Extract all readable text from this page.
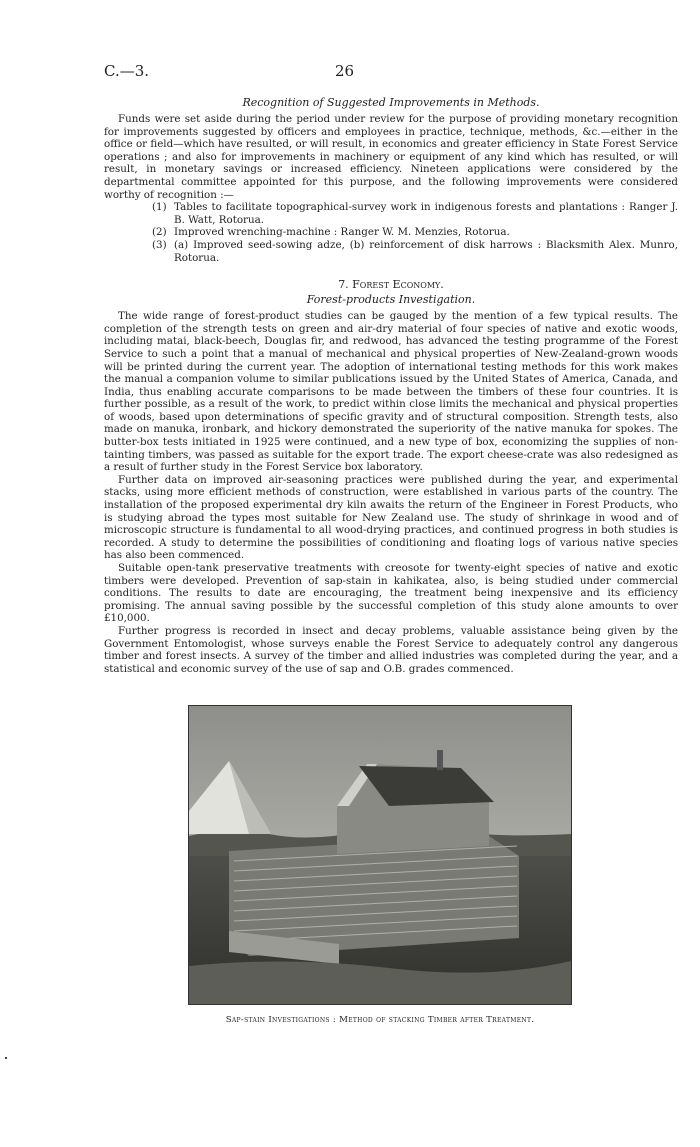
C.—3.	26
Recognition of Suggested Improvements in Methods.

Funds were set aside during the period under review for the purpose of providing monetary recognition for improvements suggested by officers and employees in practice, technique, methods, &c.—either in the office or field—which have resulted, or will result, in economics and greater efficiency in State Forest Service operations ; and also for improvements in machinery or equipment of any kind which has resulted, or will result, in monetary savings or increased efficiency. Nineteen applications were considered by the departmental committee appointed for this purpose, and the following improvements were considered worthy of recognition :—

(1) Tables to facilitate topographical-survey work in indigenous forests and plantations : Ranger J. B. Watt, Rotorua.
(2) Improved wrenching-machine : Ranger W. M. Menzies, Rotorua.
(3) (a) Improved seed-sowing adze, (b) reinforcement of disk harrows : Blacksmith Alex. Munro, Rotorua.
7. Forest Economy.
Forest-products Investigation.

The wide range of forest-product studies can be gauged by the mention of a few typical results. The completion of the strength tests on green and air-dry material of four species of native and exotic woods, including matai, black-beech, Douglas fir, and redwood, has advanced the testing programme of the Forest Service to such a point that a manual of mechanical and physical properties of New-Zealand-grown woods will be printed during the current year. The adoption of international testing methods for this work makes the manual a companion volume to similar publications issued by the United States of America, Canada, and India, thus enabling accurate comparisons to be made between the timbers of these four countries. It is further possible, as a result of the work, to predict within close limits the mechanical and physical properties of woods, based upon determinations of specific gravity and of structural composition. Strength tests, also made on manuka, ironbark, and hickory demonstrated the superiority of the native manuka for spokes. The butter-box tests initiated in 1925 were continued, and a new type of box, economizing the supplies of non-tainting timbers, was passed as suitable for the export trade. The export cheese-crate was also redesigned as a result of further study in the Forest Service box laboratory.

Further data on improved air-seasoning practices were published during the year, and experimental stacks, using more efficient methods of construction, were established in various parts of the country. The installation of the proposed experimental dry kiln awaits the return of the Engineer in Forest Products, who is studying abroad the types most suitable for New Zealand use. The study of shrinkage in wood and of microscopic structure is fundamental to all wood-drying practices, and continued progress in both studies is recorded. A study to determine the possibilities of conditioning and floating logs of various native species has also been commenced.

Suitable open-tank preservative treatments with creosote for twenty-eight species of native and exotic timbers were developed. Prevention of sap-stain in kahikatea, also, is being studied under commercial conditions. The results to date are encouraging, the treatment being inexpensive and its efficiency promising. The annual saving possible by the successful completion of this study alone amounts to over £10,000.

Further progress is recorded in insect and decay problems, valuable assistance being given by the Government Entomologist, whose surveys enable the Forest Service to adequately control any dangerous timber and forest insects. A survey of the timber and allied industries was completed during the year, and a statistical and economic survey of the use of sap and O.B. grades commenced.

Sap-stain Investigations : Method of stacking Timber after Treatment.
